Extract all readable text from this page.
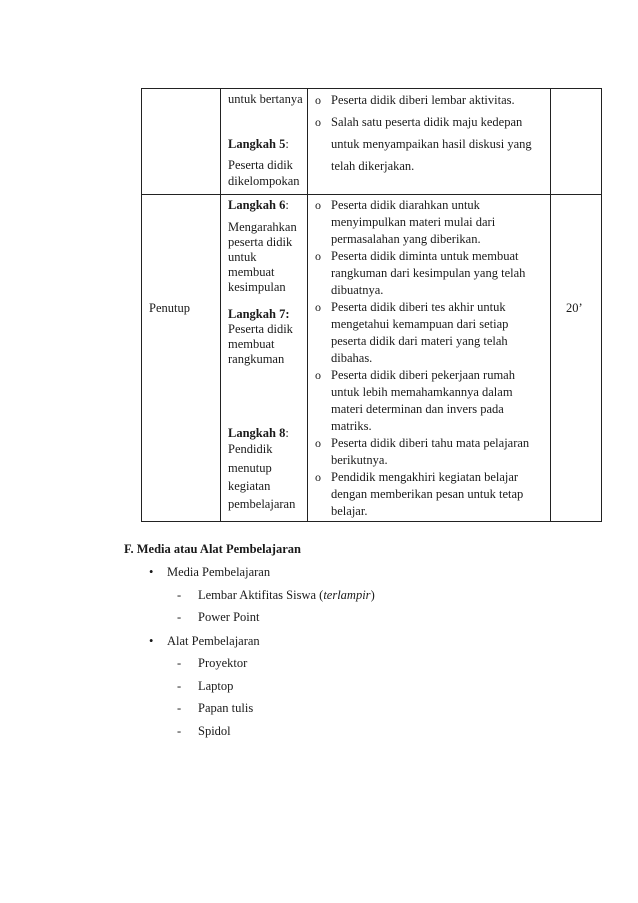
untuk bertanya
Langkah 5:
Peserta didik
dikelompokan
o Peserta didik diberi lembar aktivitas.
o Salah satu peserta didik maju kedepan
untuk menyampaikan hasil diskusi yang
telah dikerjakan.
Penutup	20’
Langkah 6:
Mengarahkan
peserta didik
untuk
membuat
kesimpulan
Langkah 7:
Peserta didik
membuat
rangkuman
Langkah 8:
Pendidik
menutup
kegiatan
pembelajaran
o Peserta didik diarahkan untuk
menyimpulkan materi mulai dari
permasalahan yang diberikan.
o Peserta didik diminta untuk membuat
rangkuman dari kesimpulan yang telah
dibuatnya.
o Peserta didik diberi tes akhir untuk
mengetahui kemampuan dari setiap
peserta didik dari materi yang telah
dibahas.
o Peserta didik diberi pekerjaan rumah
untuk lebih memahamkannya dalam
materi determinan dan invers pada
matriks.
o Peserta didik diberi tahu mata pelajaran
berikutnya.
o Pendidik mengakhiri kegiatan belajar
dengan memberikan pesan untuk tetap
belajar.
F. Media atau Alat Pembelajaran
• Media Pembelajaran
- Lembar Aktifitas Siswa (terlampir)
- Power Point
• Alat Pembelajaran
- Proyektor
- Laptop
- Papan tulis
- Spidol
